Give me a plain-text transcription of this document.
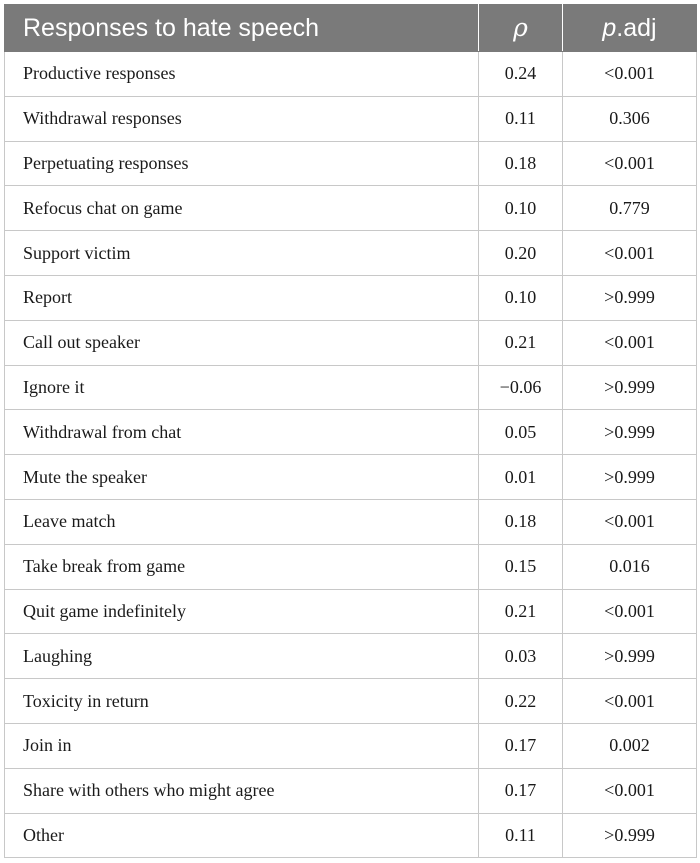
Responses to hate speech	ρ	p.adj
Productive responses	0.24	<0.001
Withdrawal responses	0.11	0.306
Perpetuating responses	0.18	<0.001
Refocus chat on game	0.10	0.779
Support victim	0.20	<0.001
Report	0.10	>0.999
Call out speaker	0.21	<0.001
Ignore it	−0.06	>0.999
Withdrawal from chat	0.05	>0.999
Mute the speaker	0.01	>0.999
Leave match	0.18	<0.001
Take break from game	0.15	0.016
Quit game indefinitely	0.21	<0.001
Laughing	0.03	>0.999
Toxicity in return	0.22	<0.001
Join in	0.17	0.002
Share with others who might agree	0.17	<0.001
Other	0.11	>0.999
